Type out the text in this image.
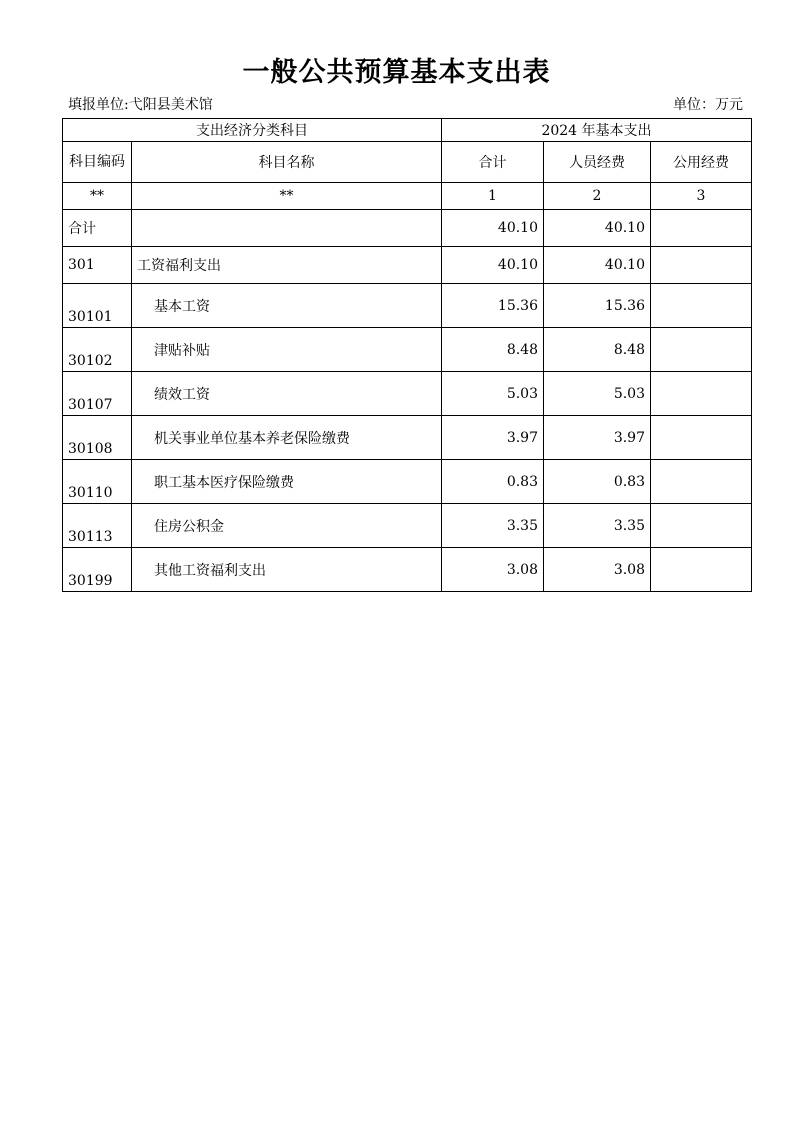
一般公共预算基本支出表
填报单位:弋阳县美术馆	单位：万元
支出经济分类科目		2024 年基本支出		
科目编码	科目名称	合计	人员经费	公用经费
**	**	1	2	3
合计		40.10	40.10	
301	工资福利支出	40.10	40.10	
30101	基本工资	15.36	15.36	
30102	津贴补贴	8.48	8.48	
30107	绩效工资	5.03	5.03	
30108	机关事业单位基本养老保险缴费	3.97	3.97	
30110	职工基本医疗保险缴费	0.83	0.83	
30113	住房公积金	3.35	3.35	
30199	其他工资福利支出	3.08	3.08	
